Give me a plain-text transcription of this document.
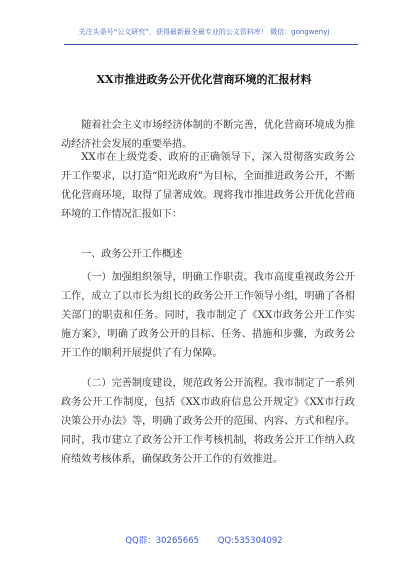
关注头条号“公文研究”，获得最新最全最专业的公文资料库！ 微信：gongwenyj
XX市推进政务公开优化营商环境的汇报材料

随着社会主义市场经济体制的不断完善，优化营商环境成为推动经济社会发展的重要举措。

XX市在上级党委、政府的正确领导下，深入贯彻落实政务公开工作要求，以打造“阳光政府”为目标，全面推进政务公开，不断优化营商环境，取得了显著成效。现将我市推进政务公开优化营商环境的工作情况汇报如下：

一、政务公开工作概述

（一）加强组织领导，明确工作职责。我市高度重视政务公开工作，成立了以市长为组长的政务公开工作领导小组，明确了各相关部门的职责和任务。同时，我市制定了《XX市政务公开工作实施方案》，明确了政务公开的目标、任务、措施和步骤，为政务公开工作的顺利开展提供了有力保障。

（二）完善制度建设，规范政务公开流程。我市制定了一系列政务公开工作制度，包括《XX市政府信息公开规定》《XX市行政决策公开办法》等，明确了政务公开的范围、内容、方式和程序。同时，我市建立了政务公开工作考核机制，将政务公开工作纳入政府绩效考核体系，确保政务公开工作的有效推进。

QQ群：30265665 QQ:535304092
